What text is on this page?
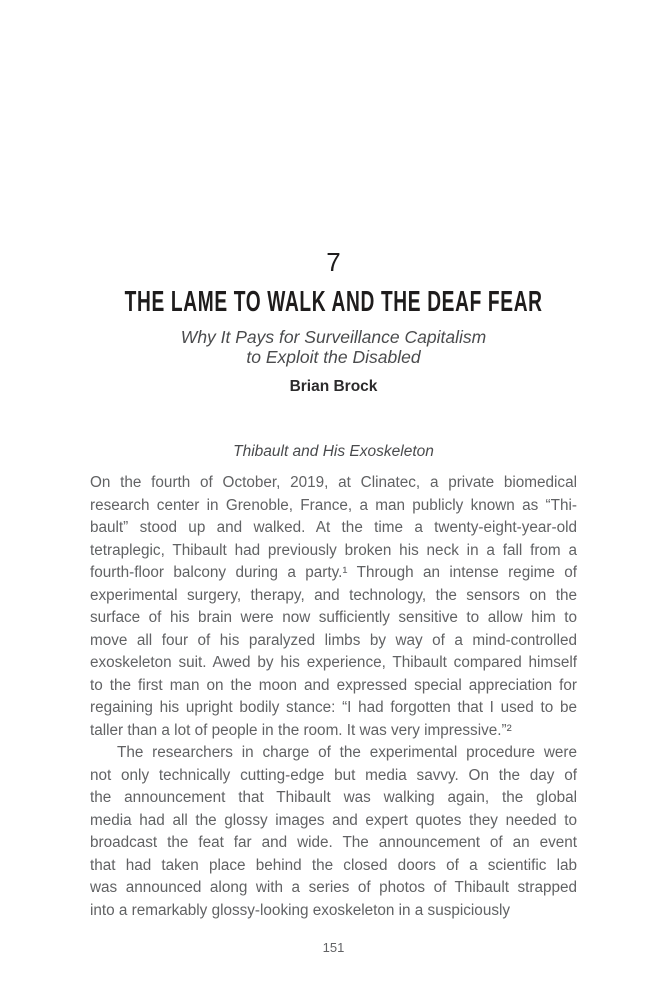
7
THE LAME TO WALK AND THE DEAF FEAR
Why It Pays for Surveillance Capitalism
to Exploit the Disabled
Brian Brock
Thibault and His Exoskeleton
On the fourth of October, 2019, at Clinatec, a private biomedical
research center in Grenoble, France, a man publicly known as “Thi-
bault” stood up and walked. At the time a twenty-eight-year-old
tetraplegic, Thibault had previously broken his neck in a fall from a
fourth-floor balcony during a party.¹ Through an intense regime of
experimental surgery, therapy, and technology, the sensors on the
surface of his brain were now sufficiently sensitive to allow him to
move all four of his paralyzed limbs by way of a mind-controlled
exoskeleton suit. Awed by his experience, Thibault compared himself
to the first man on the moon and expressed special appreciation for
regaining his upright bodily stance: “I had forgotten that I used to be
taller than a lot of people in the room. It was very impressive.”²
The researchers in charge of the experimental procedure were
not only technically cutting-edge but media savvy. On the day of
the announcement that Thibault was walking again, the global
media had all the glossy images and expert quotes they needed to
broadcast the feat far and wide. The announcement of an event
that had taken place behind the closed doors of a scientific lab
was announced along with a series of photos of Thibault strapped
into a remarkably glossy-looking exoskeleton in a suspiciously
151
